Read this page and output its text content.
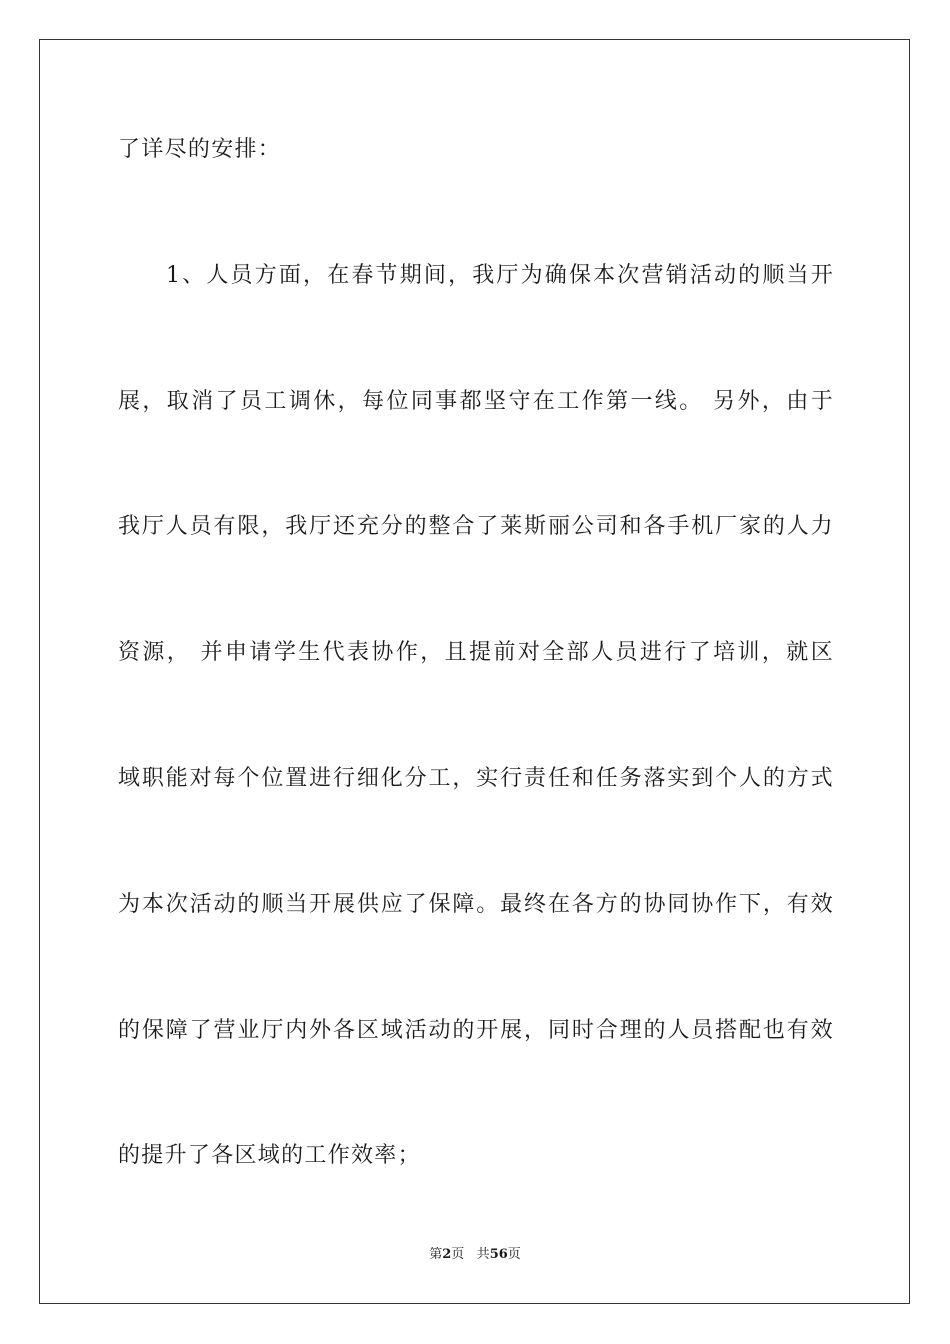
了详尽的安排：
1、人员方面，在春节期间，我厅为确保本次营销活动的顺当开
展，取消了员工调休，每位同事都坚守在工作第一线。 另外，由于
我厅人员有限，我厅还充分的整合了莱斯丽公司和各手机厂家的人力
资源， 并申请学生代表协作，且提前对全部人员进行了培训，就区
域职能对每个位置进行细化分工，实行责任和任务落实到个人的方式
为本次活动的顺当开展供应了保障。最终在各方的协同协作下，有效
的保障了营业厅内外各区域活动的开展，同时合理的人员搭配也有效
的提升了各区域的工作效率；
第2页 共56页
